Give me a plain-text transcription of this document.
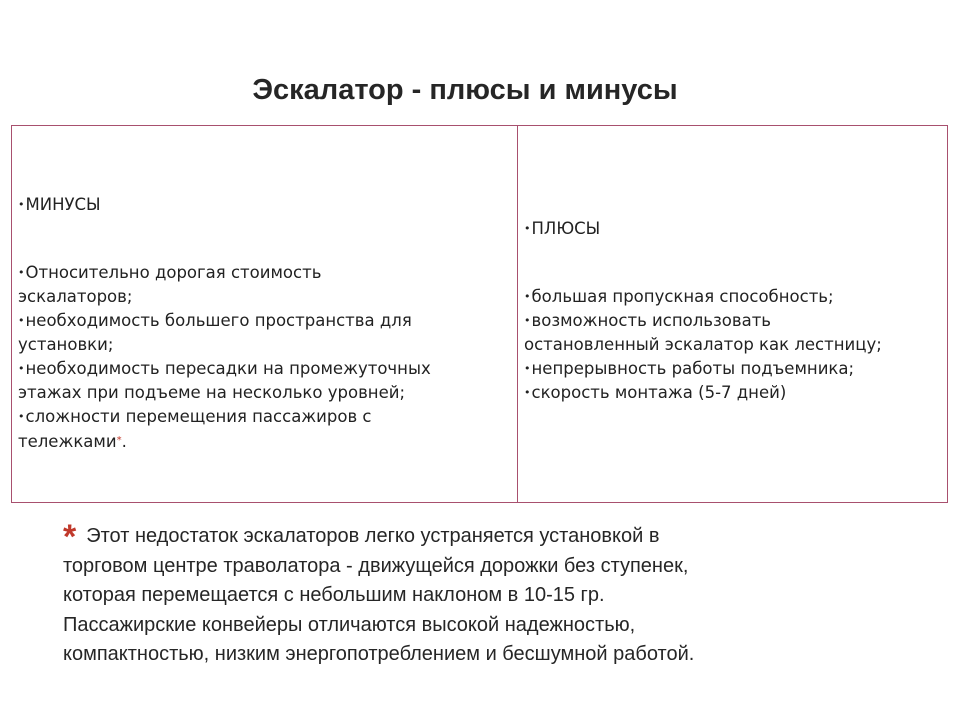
Эскалатор - плюсы и минусы
•МИНУСЫ
•Относительно дорогая стоимость
эскалаторов;
•необходимость большего пространства для
установки;
•необходимость пересадки на промежуточных
этажах при подъеме на несколько уровней;
•сложности перемещения пассажиров с
тележками*.
•ПЛЮСЫ
•большая пропускная способность;
•возможность использовать
остановленный эскалатор как лестницу;
•непрерывность работы подъемника;
•скорость монтажа (5-7 дней)
* Этот недостаток эскалаторов легко устраняется установкой в
торговом центре траволатора - движущейся дорожки без ступенек,
которая перемещается с небольшим наклоном в 10-15 гр.
Пассажирские конвейеры отличаются высокой надежностью,
компактностью, низким энергопотреблением и бесшумной работой.
